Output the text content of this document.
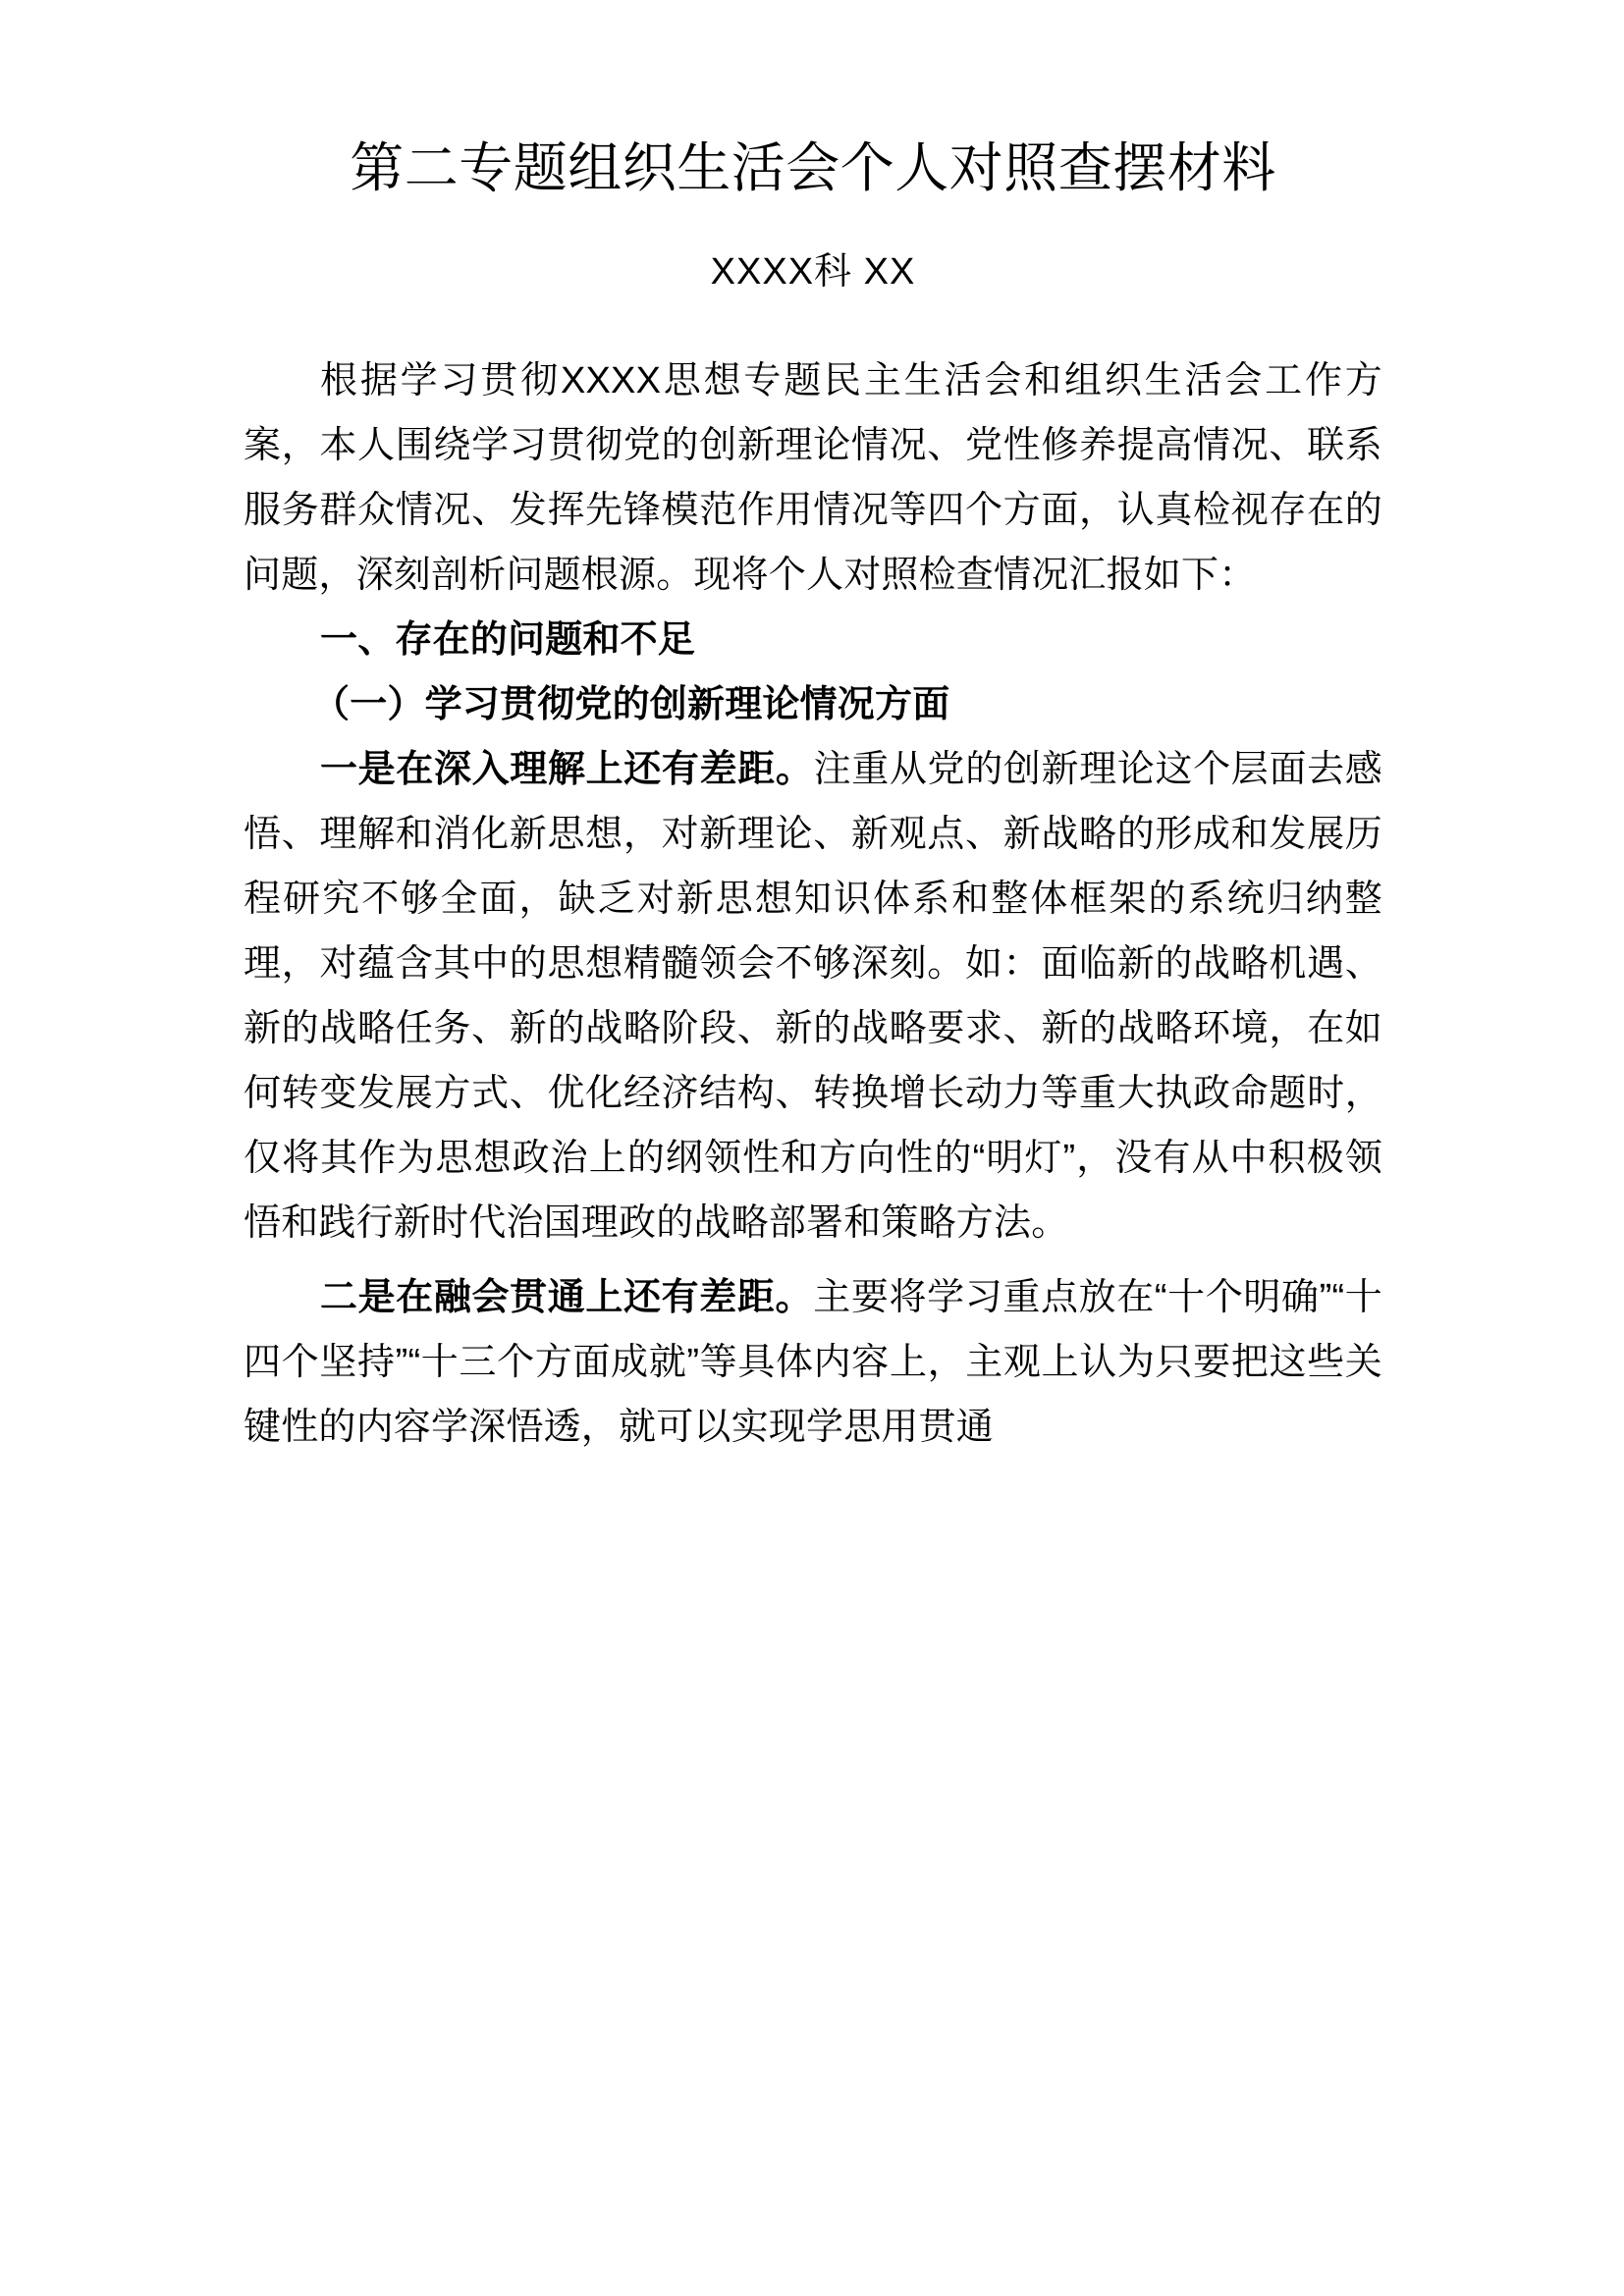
第二专题组织生活会个人对照查摆材料

XXXX科 XX

根据学习贯彻XXXX思想专题民主生活会和组织生活会工作方案，本人围绕学习贯彻党的创新理论情况、党性修养提高情况、联系服务群众情况、发挥先锋模范作用情况等四个方面，认真检视存在的问题，深刻剖析问题根源。现将个人对照检查情况汇报如下：

一、存在的问题和不足

（一）学习贯彻党的创新理论情况方面

一是在深入理解上还有差距。注重从党的创新理论这个层面去感悟、理解和消化新思想，对新理论、新观点、新战略的形成和发展历程研究不够全面，缺乏对新思想知识体系和整体框架的系统归纳整理，对蕴含其中的思想精髓领会不够深刻。如：面临新的战略机遇、新的战略任务、新的战略阶段、新的战略要求、新的战略环境，在如何转变发展方式、优化经济结构、转换增长动力等重大执政命题时，仅将其作为思想政治上的纲领性和方向性的“明灯”，没有从中积极领悟和践行新时代治国理政的战略部署和策略方法。

二是在融会贯通上还有差距。主要将学习重点放在“十个明确”“十四个坚持”“十三个方面成就”等具体内容上，主观上认为只要把这些关键性的内容学深悟透，就可以实现学思用贯通
